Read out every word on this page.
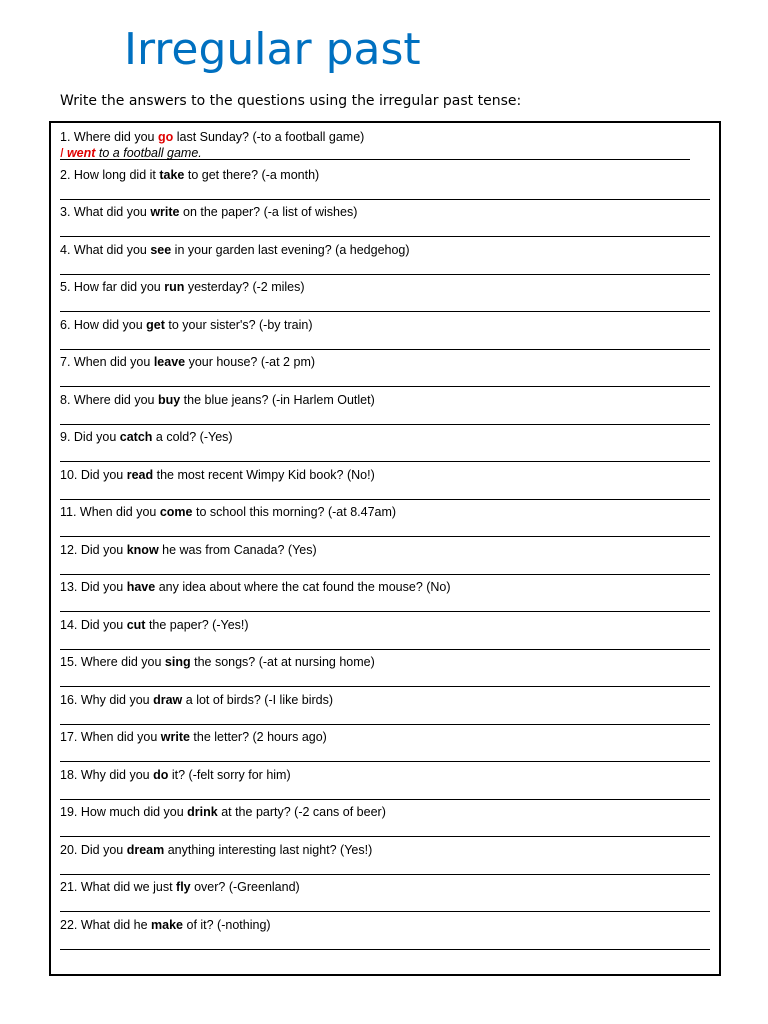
Irregular past
Write the answers to the questions using the irregular past tense:
1. Where did you go last Sunday? (-to a football game)
I went to a football game.
2. How long did it take to get there? (-a month)
3. What did you write on the paper? (-a list of wishes)
4. What did you see in your garden last evening? (a hedgehog)
5. How far did you run yesterday? (-2 miles)
6. How did you get to your sister's? (-by train)
7. When did you leave your house? (-at 2 pm)
8. Where did you buy the blue jeans? (-in Harlem Outlet)
9. Did you catch a cold? (-Yes)
10. Did you read the most recent Wimpy Kid book? (No!)
11. When did you come to school this morning? (-at 8.47am)
12. Did you know he was from Canada? (Yes)
13. Did you have any idea about where the cat found the mouse? (No)
14. Did you cut the paper? (-Yes!)
15. Where did you sing the songs? (-at at nursing home)
16. Why did you draw a lot of birds? (-I like birds)
17. When did you write the letter? (2 hours ago)
18. Why did you do it? (-felt sorry for him)
19. How much did you drink at the party? (-2 cans of beer)
20. Did you dream anything interesting last night? (Yes!)
21. What did we just fly over? (-Greenland)
22. What did he make of it? (-nothing)
